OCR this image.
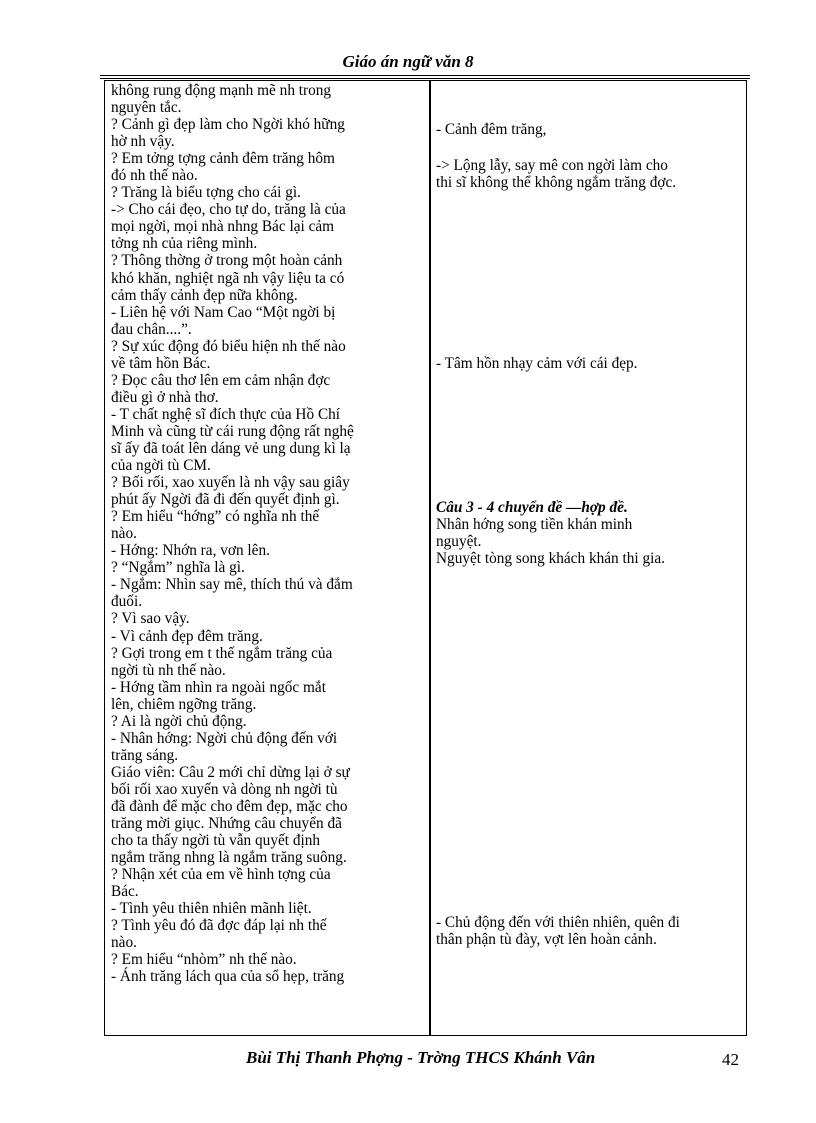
Giáo án ngữ văn 8
không rung động mạnh mẽ nh trong
nguyên tắc.
? Cảnh gì đẹp làm cho Ngời khó hững
hờ nh vậy.
? Em tởng tợng cảnh đêm trăng hôm
đó nh thế nào.
? Trăng là biểu tợng cho cái gì.
-> Cho cái đẹo, cho tự do, trăng là của
mọi ngời, mọi nhà nhng Bác lại cảm
tởng nh của riêng mình.
? Thông thờng ở trong một hoàn cảnh
khó khăn, nghiệt ngã nh vậy liệu ta có
cảm thấy cảnh đẹp nữa không.
- Liên hệ với Nam Cao “Một ngời bị
đau chân....”.
? Sự xúc động đó biểu hiện nh thế nào
về tâm hồn Bác.
? Đọc câu thơ lên em cảm nhận đợc
điều gì ở nhà thơ.
- T chất nghệ sĩ đích thực của Hồ Chí
Minh và cũng từ cái rung động rất nghệ
sĩ ấy đã toát lên dáng vẻ ung dung kì lạ
của ngời tù CM.
? Bối rối, xao xuyến là nh vậy sau giây
phút ấy Ngời đã đi đến quyết định gì.
? Em hiểu “hớng” có nghĩa nh thế
nào.
- Hớng: Nhớn ra, vơn lên.
? “Ngắm” nghĩa là gì.
- Ngắm: Nhìn say mê, thích thú và đắm
đuối.
? Vì sao vậy.
- Vì cảnh đẹp đêm trăng.
? Gợi trong em t thế ngắm trăng của
ngời tù nh thế nào.
- Hớng tầm nhìn ra ngoài ngốc mắt
lên, chiêm ngỡng trăng.
? Ai là ngời chủ động.
- Nhân hớng: Ngời chủ động đến với
trăng sáng.
Giáo viên: Câu 2 mới chỉ dừng lại ở sự
bối rối xao xuyến và dòng nh ngời tù
đã đành để mặc cho đêm đẹp, mặc cho
trăng mời giục. Nhứng câu chuyển đã
cho ta thấy ngời tù vẫn quyết định
ngắm trăng nhng là ngắm trăng suông.
? Nhận xét của em về hình tợng của
Bác.
- Tình yêu thiên nhiên mãnh liệt.
? Tình yêu đó đã đợc đáp lại nh thế
nào.
? Em hiểu “nhòm” nh thế nào.
- Ánh trăng lách qua của sổ hẹp, trăng
- Cảnh đêm trăng,
-> Lộng lẫy, say mê con ngời làm cho
thi sĩ không thể không ngắm trăng đợc.
- Tâm hồn nhạy cảm với cái đẹp.
Câu 3 - 4 chuyển đề —hợp đề.
Nhân hớng song tiền khán minh
nguyệt.
Nguyệt tòng song khách khán thi gia.
- Chủ động đến với thiên nhiên, quên đi
thân phận tù đày, vợt lên hoàn cảnh.
Bùi Thị Thanh Phợng - Trờng THCS Khánh Vân	42
